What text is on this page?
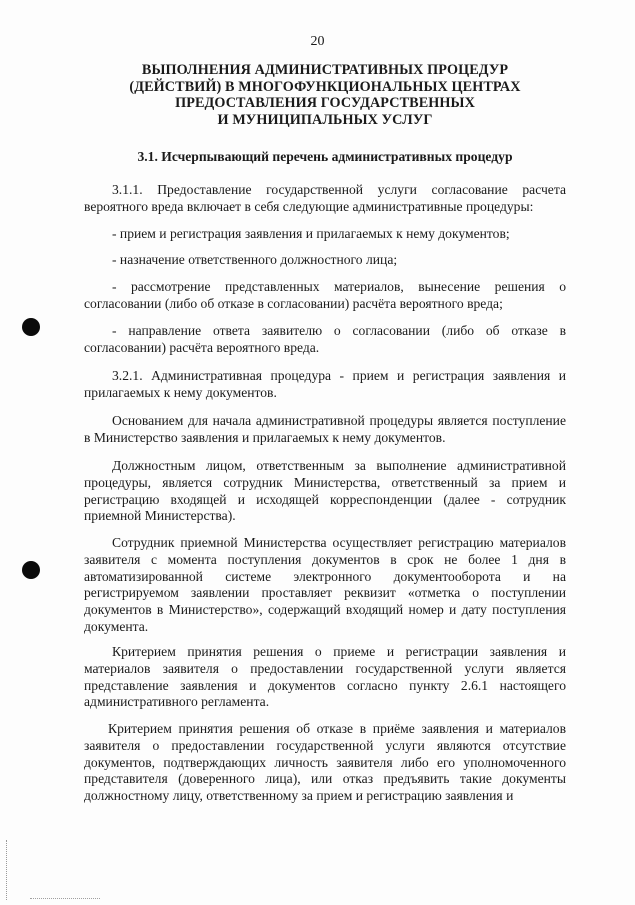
20
ВЫПОЛНЕНИЯ АДМИНИСТРАТИВНЫХ ПРОЦЕДУР
(ДЕЙСТВИЙ) В МНОГОФУНКЦИОНАЛЬНЫХ ЦЕНТРАХ
ПРЕДОСТАВЛЕНИЯ ГОСУДАРСТВЕННЫХ
И МУНИЦИПАЛЬНЫХ УСЛУГ
3.1. Исчерпывающий перечень административных процедур

3.1.1. Предоставление государственной услуги согласование расчета вероятного вреда включает в себя следующие административные процедуры:

- прием и регистрация заявления и прилагаемых к нему документов;

- назначение ответственного должностного лица;

- рассмотрение представленных материалов, вынесение решения о согласовании (либо об отказе в согласовании) расчёта вероятного вреда;

- направление ответа заявителю о согласовании (либо об отказе в согласовании) расчёта вероятного вреда.

3.2.1. Административная процедура - прием и регистрация заявления и прилагаемых к нему документов.

Основанием для начала административной процедуры является поступление в Министерство заявления и прилагаемых к нему документов.

Должностным лицом, ответственным за выполнение административной процедуры, является сотрудник Министерства, ответственный за прием и регистрацию входящей и исходящей корреспонденции (далее - сотрудник приемной Министерства).

Сотрудник приемной Министерства осуществляет регистрацию материалов заявителя с момента поступления документов в срок не более 1 дня в автоматизированной системе электронного документооборота и на регистрируемом заявлении проставляет реквизит «отметка о поступлении документов в Министерство», содержащий входящий номер и дату поступления документа.

Критерием принятия решения о приеме и регистрации заявления и материалов заявителя о предоставлении государственной услуги является представление заявления и документов согласно пункту 2.6.1 настоящего административного регламента.

Критерием принятия решения об отказе в приёме заявления и материалов заявителя о предоставлении государственной услуги являются отсутствие документов, подтверждающих личность заявителя либо его уполномоченного представителя (доверенного лица), или отказ предъявить такие документы должностному лицу, ответственному за прием и регистрацию заявления и
